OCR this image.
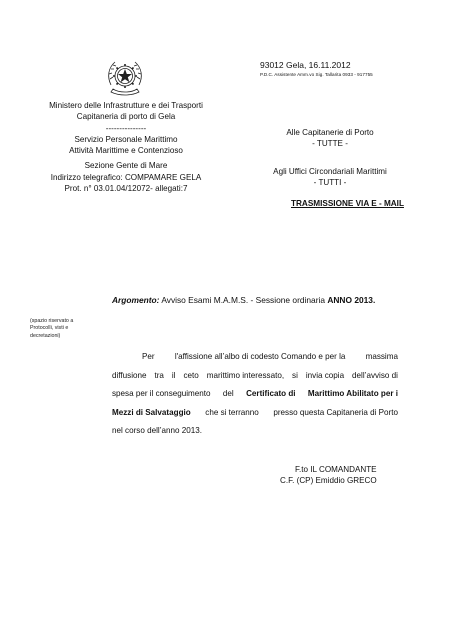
93012 Gela, 16.11.2012
P.D.C. Assistente Amm.vo Sig. Tallarita 0933 - 917755
Ministero delle Infrastrutture e dei Trasporti
Capitaneria di porto di Gela
---------------
Servizio Personale Marittimo
Attività Marittime e Contenzioso
Sezione Gente di Mare
Indirizzo telegrafico: COMPAMARE GELA
Prot. n° 03.01.04/12072- allegati:7
Alle Capitanerie di Porto
- TUTTE -
Agli Uffici Circondariali Marittimi
- TUTTI -
TRASMISSIONE VIA E - MAIL
Argomento: Avviso Esami M.A.M.S. - Sessione ordinaria ANNO 2013.
(spazio riservato a
Protocolli, visti e
decretazioni)
Per l'affissione all’albo di codesto Comando e per la massima
diffusione tra il ceto marittimo interessato, si invia copia dell’avviso di
spesa per il conseguimento del Certificato di Marittimo Abilitato per i
Mezzi di Salvataggio che si terranno presso questa Capitaneria di Porto
nel corso dell’anno 2013.
F.to IL COMANDANTE
C.F. (CP) Emiddio GRECO
